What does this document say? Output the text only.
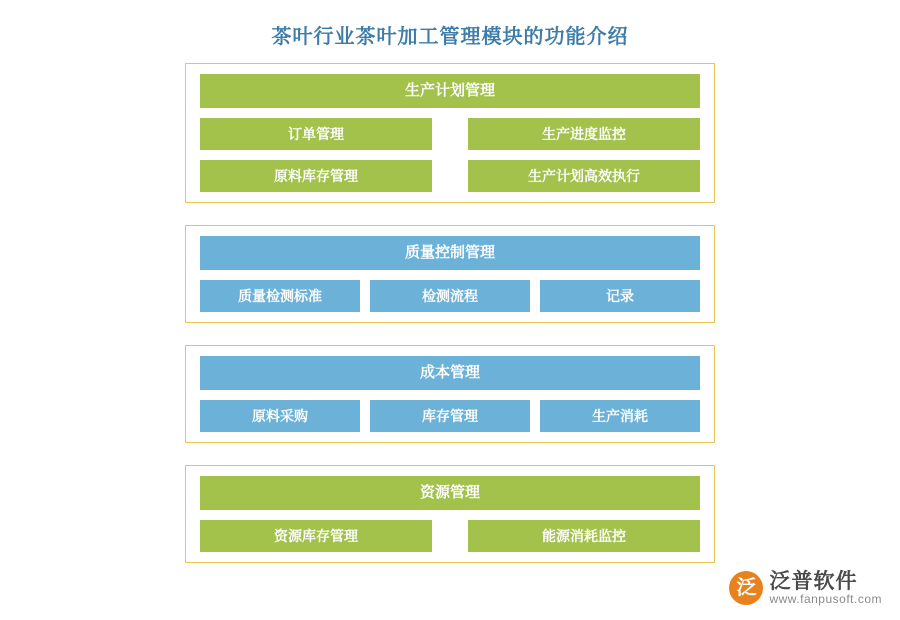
茶叶行业茶叶加工管理模块的功能介绍
生产计划管理
订单管理	生产进度监控
原料库存管理	生产计划高效执行
质量控制管理
质量检测标准	检测流程	记录
成本管理
原料采购	库存管理	生产消耗
资源管理
资源库存管理	能源消耗监控
泛 泛普软件
www.fanpusoft.com
